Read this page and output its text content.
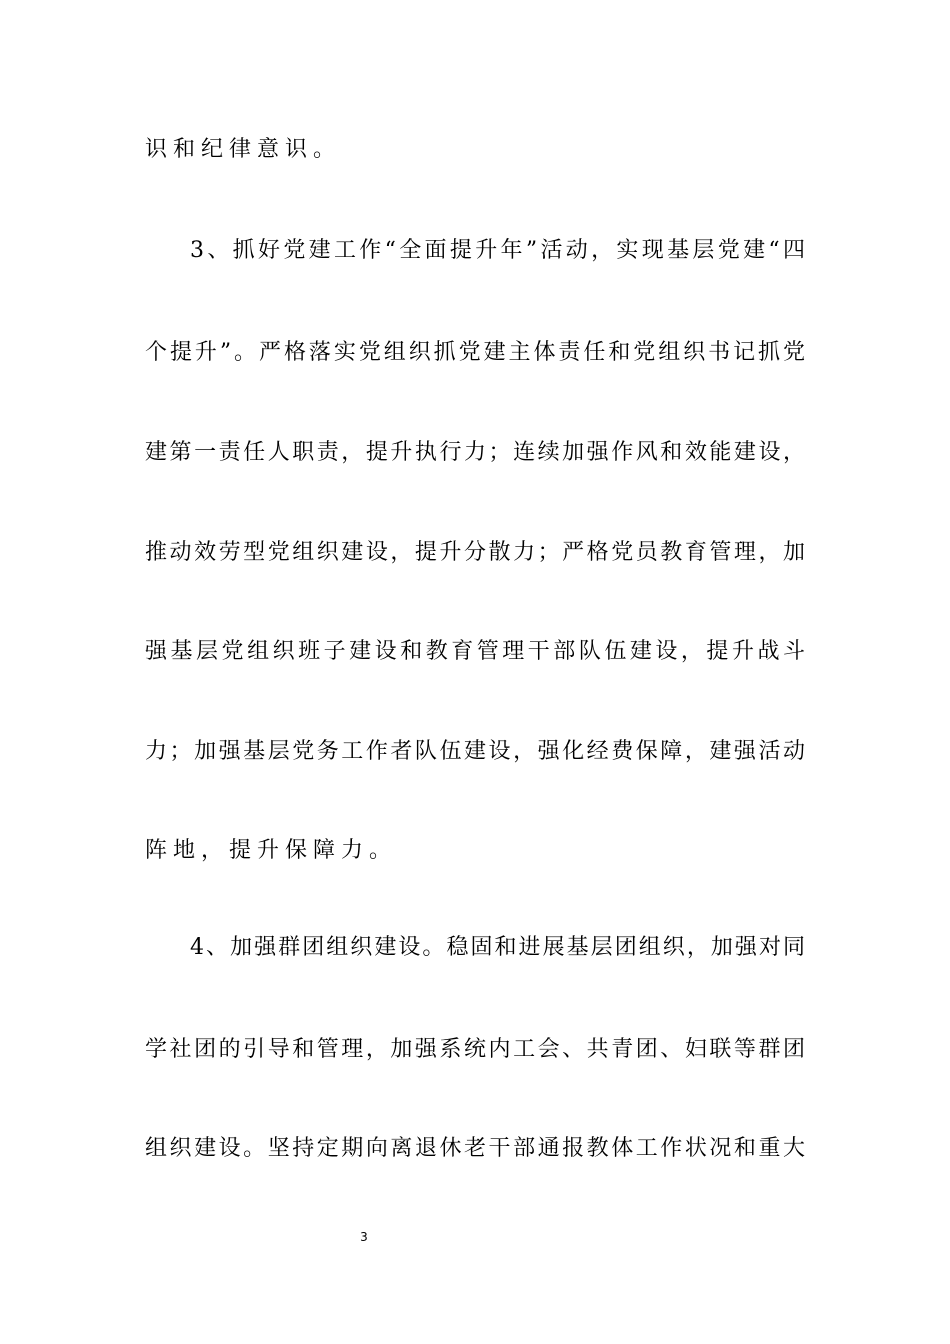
识和纪律意识。
3、抓好党建工作“全面提升年”活动，实现基层党建“四
个提升”。严格落实党组织抓党建主体责任和党组织书记抓党
建第一责任人职责，提升执行力；连续加强作风和效能建设，
推动效劳型党组织建设，提升分散力；严格党员教育管理，加
强基层党组织班子建设和教育管理干部队伍建设，提升战斗
力；加强基层党务工作者队伍建设，强化经费保障，建强活动
阵地，提升保障力。
4、加强群团组织建设。稳固和进展基层团组织，加强对同
学社团的引导和管理，加强系统内工会、共青团、妇联等群团
组织建设。坚持定期向离退休老干部通报教体工作状况和重大
3
